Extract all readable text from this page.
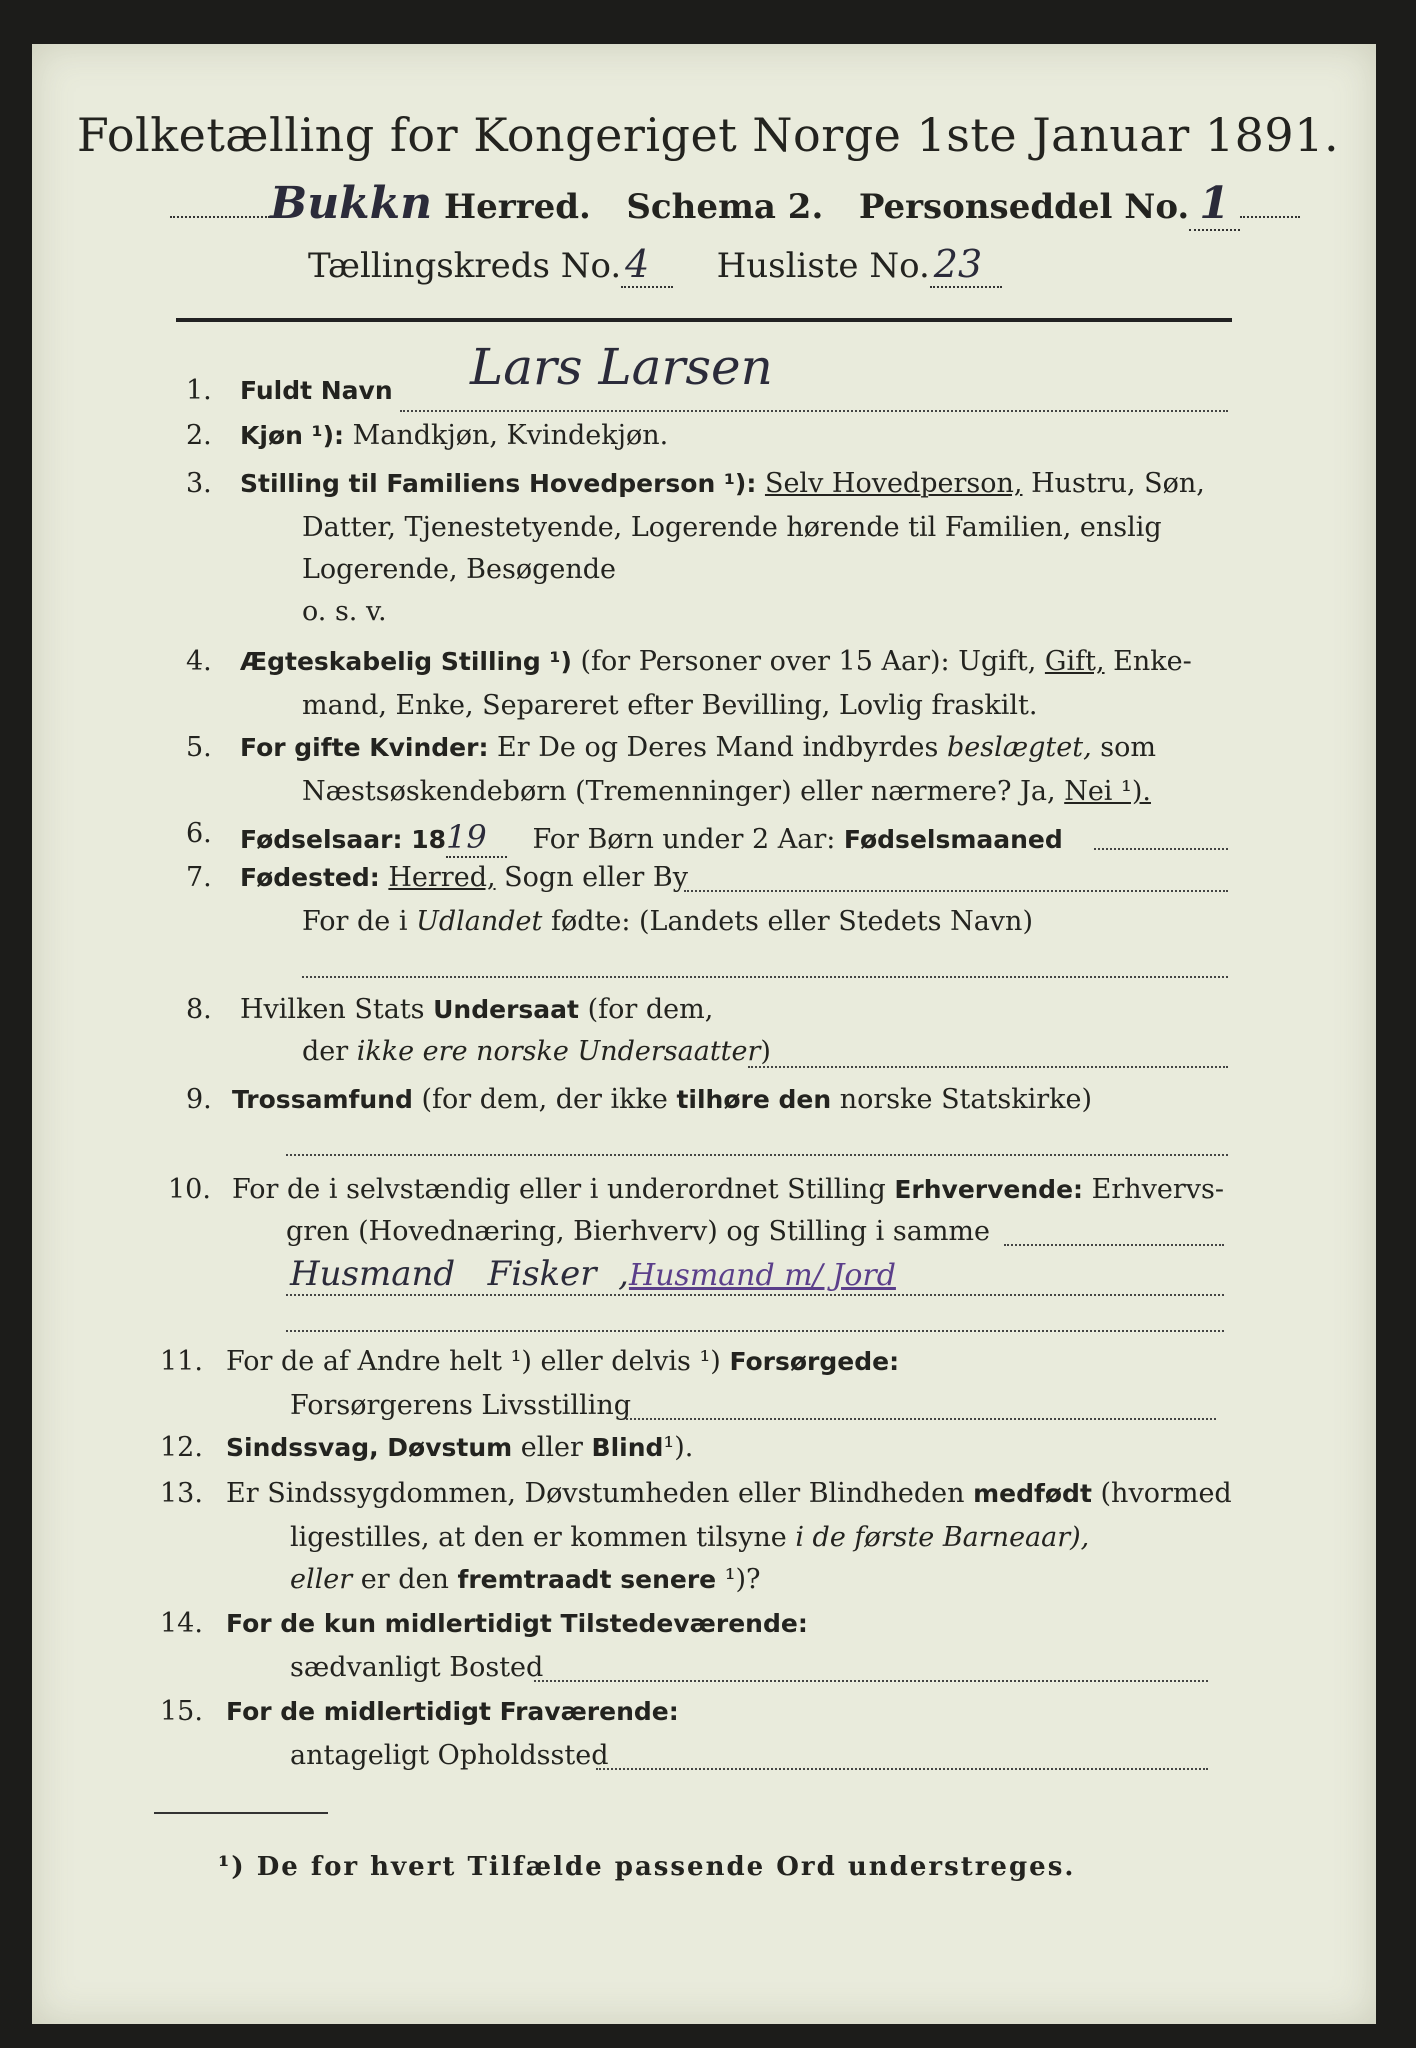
Folketælling for Kongeriget Norge 1ste Januar 1891.
Bukkn Herred. Schema 2. Personseddel No. 1
Tællingskreds No. 4 Husliste No. 23
1. Fuldt Navn Lars Larsen
2. Kjøn ¹): Mandkjøn, Kvindekjøn.
3. Stilling til Familiens Hovedperson ¹): Selv Hovedperson, Hustru, Søn,
Datter, Tjenestetyende, Logerende hørende til Familien, enslig
Logerende, Besøgende
o. s. v.
4. Ægteskabelig Stilling ¹) (for Personer over 15 Aar): Ugift, Gift, Enke-
mand, Enke, Separeret efter Bevilling, Lovlig fraskilt.
5. For gifte Kvinder: Er De og Deres Mand indbyrdes beslægtet, som
Næstsøskendebørn (Tremenninger) eller nærmere? Ja, Nei ¹).
6. Fødselsaar: 1819 For Børn under 2 Aar: Fødselsmaaned
7. Fødested: Herred, Sogn eller By
For de i Udlandet fødte: (Landets eller Stedets Navn)
8. Hvilken Stats Undersaat (for dem,
der ikke ere norske Undersaatter)
9. Trossamfund (for dem, der ikke tilhøre den norske Statskirke)
10. For de i selvstændig eller i underordnet Stilling Erhvervende: Erhvervs-
gren (Hovednæring, Bierhverv) og Stilling i samme
Husmand Fisker  ,Husmand m/ Jord
11. For de af Andre helt ¹) eller delvis ¹) Forsørgede:
Forsørgerens Livsstilling
12. Sindssvag, Døvstum eller Blind¹).
13. Er Sindssygdommen, Døvstumheden eller Blindheden medfødt (hvormed
ligestilles, at den er kommen tilsyne i de første Barneaar),
eller er den fremtraadt senere ¹)?
14. For de kun midlertidigt Tilstedeværende:
sædvanligt Bosted
15. For de midlertidigt Fraværende:
antageligt Opholdssted
¹) De for hvert Tilfælde passende Ord understreges.
